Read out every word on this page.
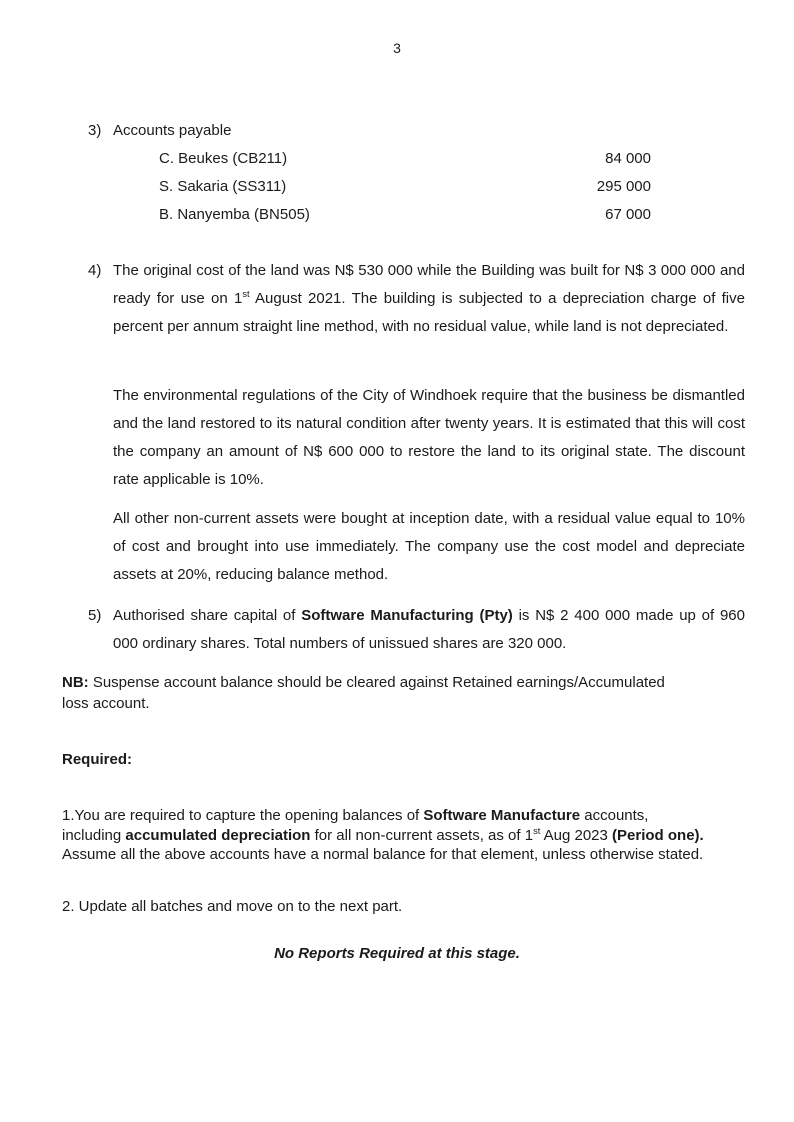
3
3) Accounts payable
C. Beukes (CB211)	84 000
S. Sakaria (SS311)	295 000
B. Nanyemba (BN505)	67 000
4) The original cost of the land was N$ 530 000 while the Building was built for N$ 3 000 000 and ready for use on 1st August 2021. The building is subjected to a depreciation charge of five percent per annum straight line method, with no residual value, while land is not depreciated.
The environmental regulations of the City of Windhoek require that the business be dismantled and the land restored to its natural condition after twenty years. It is estimated that this will cost the company an amount of N$ 600 000 to restore the land to its original state. The discount rate applicable is 10%.
All other non-current assets were bought at inception date, with a residual value equal to 10% of cost and brought into use immediately. The company use the cost model and depreciate assets at 20%, reducing balance method.
5) Authorised share capital of Software Manufacturing (Pty) is N$ 2 400 000 made up of 960 000 ordinary shares. Total numbers of unissued shares are 320 000.
NB: Suspense account balance should be cleared against Retained earnings/Accumulated loss account.
Required:
1.You are required to capture the opening balances of Software Manufacture accounts, including accumulated depreciation for all non-current assets, as of 1st Aug 2023 (Period one). Assume all the above accounts have a normal balance for that element, unless otherwise stated.
2. Update all batches and move on to the next part.
No Reports Required at this stage.
